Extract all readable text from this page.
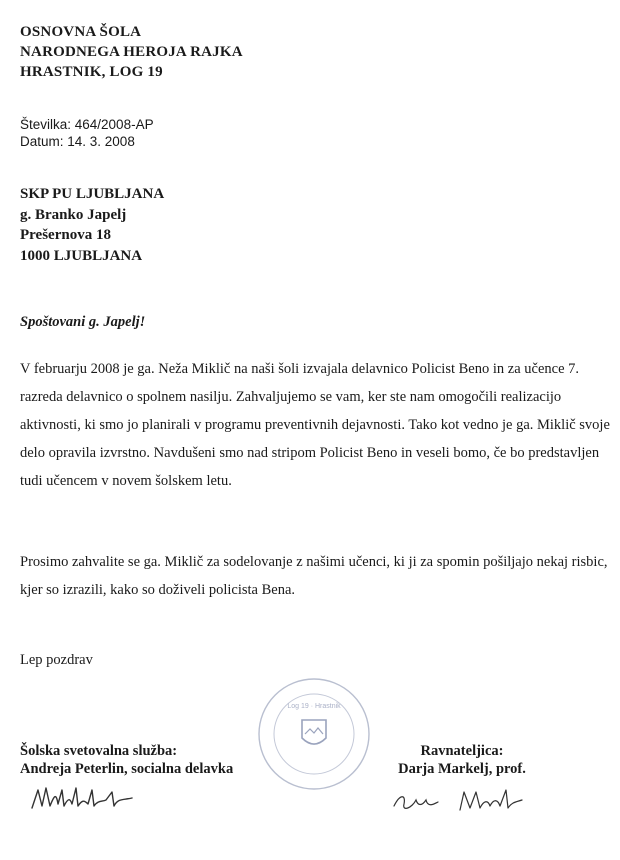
OSNOVNA ŠOLA
NARODNEGA HEROJA RAJKA
HRASTNIK, LOG 19
Številka: 464/2008-AP
Datum: 14. 3. 2008
SKP PU LJUBLJANA
g. Branko Japelj
Prešernova 18
1000 LJUBLJANA
Spoštovani g. Japelj!
V februarju 2008 je ga. Neža Miklič na naši šoli izvajala delavnico Policist Beno in za učence 7. razreda delavnico o spolnem nasilju. Zahvaljujemo se vam, ker ste nam omogočili realizacijo aktivnosti, ki smo jo planirali v programu preventivnih dejavnosti. Tako kot vedno je ga. Miklič svoje delo opravila izvrstno. Navdušeni smo nad stripom Policist Beno in veseli bomo, če bo predstavljen tudi učencem v novem šolskem letu.
Prosimo zahvalite se ga. Miklič za sodelovanje z našimi učenci, ki ji za spomin pošiljajo nekaj risbic, kjer so izrazili, kako so doživeli policista Bena.
Lep pozdrav
Log 19 · Hrastnik
Šolska svetovalna služba:
Andreja Peterlin, socialna delavka
Ravnateljica:
Darja Markelj, prof.
